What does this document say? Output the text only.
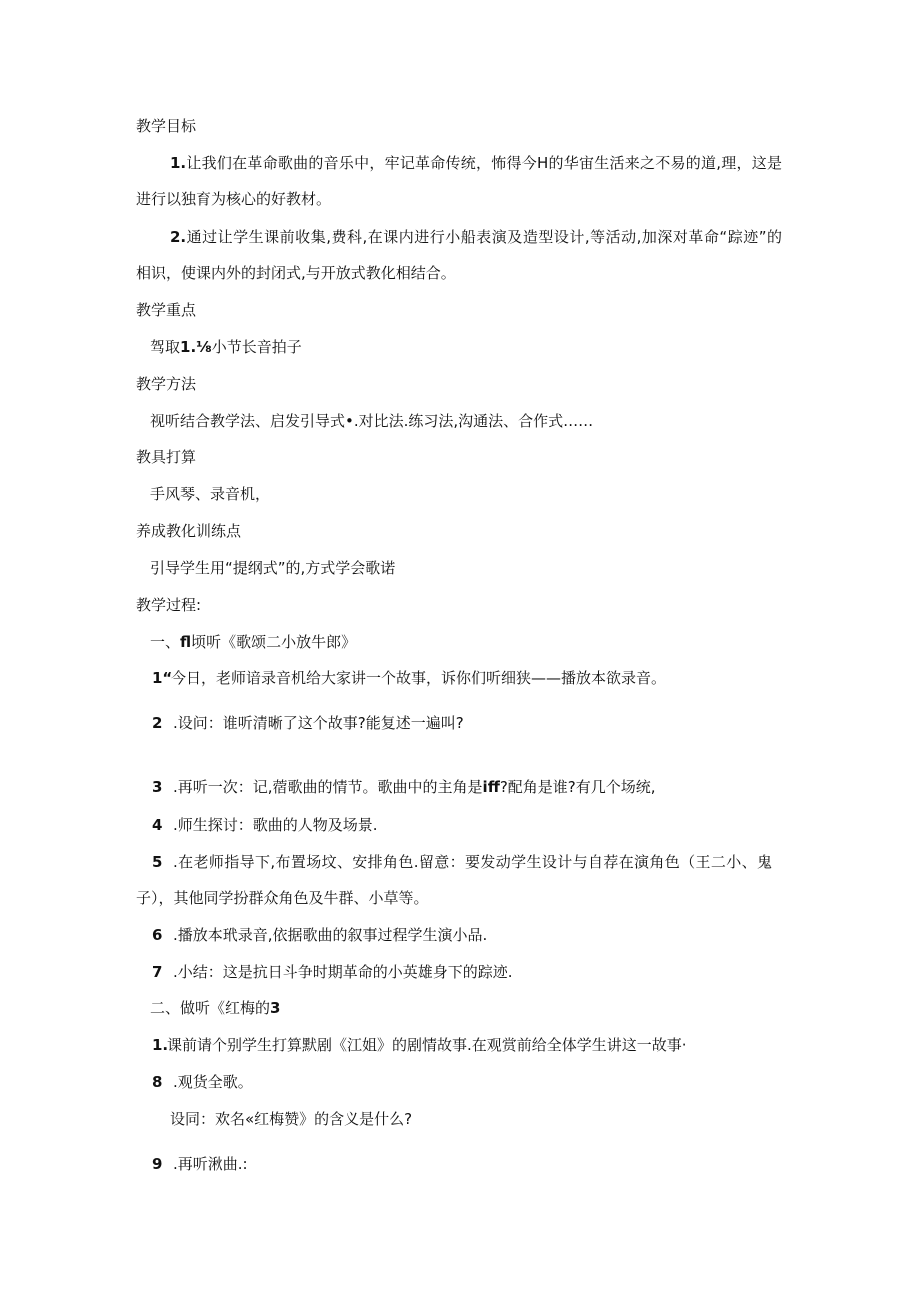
教学目标
1.让我们在革命歌曲的音乐中，牢记革命传统，怖得今H的华宙生活来之不易的道,理，这是
进行以独育为核心的好教材。
2.通过让学生课前收集,费科,在课内进行小船表演及造型设计,等活动,加深对革命“踪迹”的
相识，使课内外的封闭式,与开放式教化相结合。
教学重点
驾取1.⅛小节长音拍子
教学方法
视听结合教学法、启发引导式•.对比法.练习法,沟通法、合作式……
教具打算
手风琴、录音机，
养成教化训练点
引导学生用“提纲式”的,方式学会歌诺
教学过程:
一、fl顷听《歌颂二小放牛郎》
1“
今日，老师谙录音机给大家讲一个故事，诉你们听细狭——播放本欲录音。
2 .设问：谁听清晰了这个故事?能复述一遍叫?
3 .再听一次：记,蓿歌曲的情节。歌曲中的主角是iff?配角是谁?有几个场统,
4 .师生探讨：歌曲的人物及场景.
5 .在老师指导下,布置场坟、安排角色.留意：要发动学生设计与自荐在演角色（王二小、鬼
子），其他同学扮群众角色及牛群、小草等。
6 .播放本玳录音,依据歌曲的叙事过程学生演小品.
7 .小结：这是抗日斗争时期革命的小英雄身下的踪迹.
二、做听《红梅的3
1.
课前请个别学生打算默剧《江姐》的剧情故事.在观赏前给全体学生讲这一故事·
8 .观货全歌。
设同：欢名«红梅赞》的含义是什么?
9 .再听湫曲.:
